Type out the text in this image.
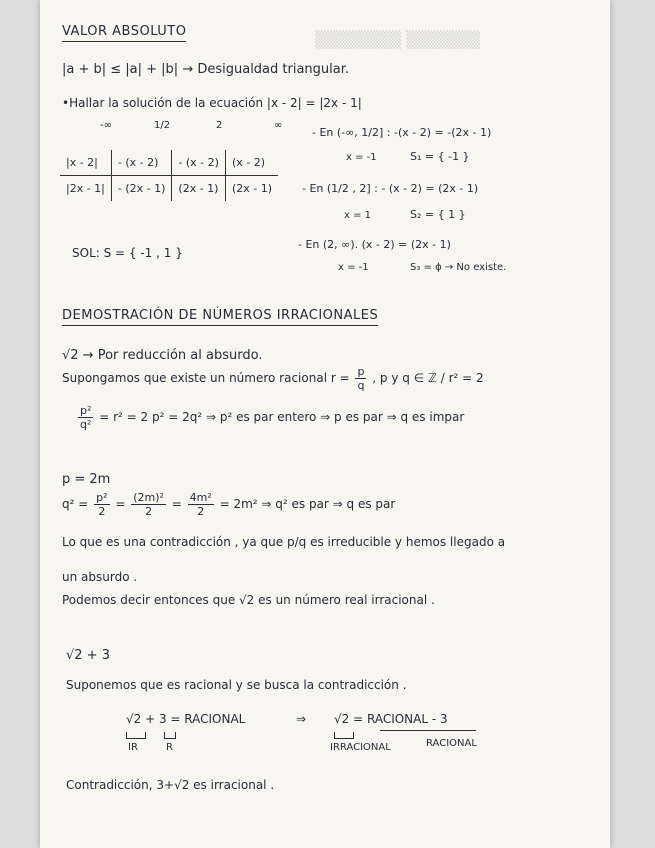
▒▒▒▒▒▒▒ ▒▒▒▒▒▒
VALOR ABSOLUTO
|a + b| ≤ |a| + |b| → Desigualdad triangular.
•Hallar la solución de la ecuación |x - 2| = |2x - 1|
-∞	1/2	2	∞
|x - 2|	- (x - 2)	- (x - 2)	(x - 2)
|2x - 1|	- (2x - 1)	(2x - 1)	(2x - 1)
SOL: S = { -1 , 1 }
- En (-∞, 1/2] : -(x - 2) = -(2x - 1)
x = -1	S₁ = { -1 }
- En (1/2 , 2] : - (x - 2) = (2x - 1)
x = 1	S₂ = { 1 }
- En (2, ∞). (x - 2) = (2x - 1)
x = -1	S₃ = ϕ → No existe.
DEMOSTRACIÓN DE NÚMEROS IRRACIONALES
√2 → Por reducción al absurdo.
Supongamos que existe un número racional $r = \frac{p}{q}$ , p y q ∈ ℤ / r² = 2
$\frac{\text{p²}}{\text{q²}} = r^2 = 2$ p² = 2q² ⇒ p² es par entero ⇒ p es par ⇒ q es impar
p = 2m
$q^2 = \frac{\text{p²}}{2} = \frac{\text{(2m)²}}{2} = \frac{\text{4m²}}{2} = 2m^2$ ⇒ q² es par ⇒ q es par
Lo que es una contradicción , ya que p/q es irreducible y hemos llegado a
un absurdo .
Podemos decir entonces que √2 es un número real irracional .
√2 + 3
Suponemos que es racional y se busca la contradicción .
√2 + 3 = RACIONAL	⇒ √2 = RACIONAL - 3
IR	R	IRRACIONAL	RACIONAL
Contradicción, 3+√2 es irracional .
